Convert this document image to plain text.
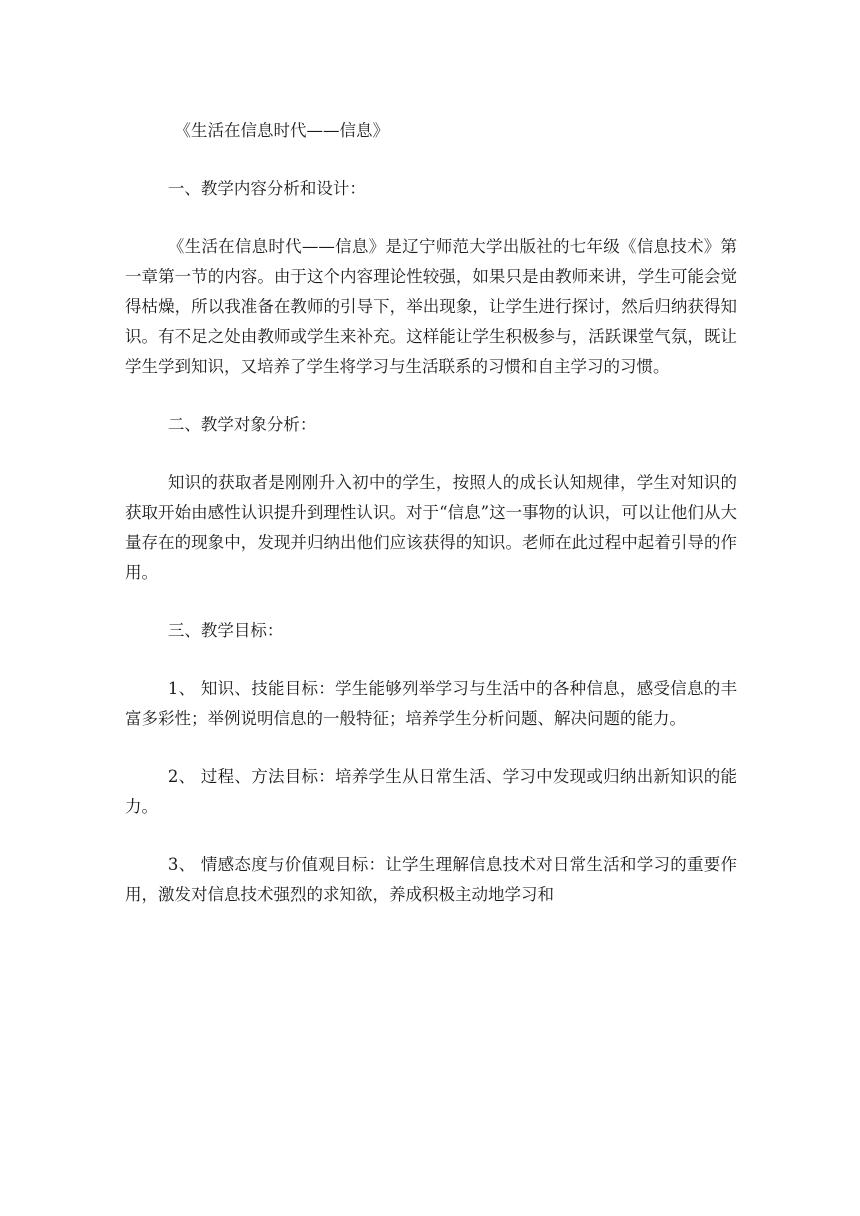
《生活在信息时代——信息》

一、教学内容分析和设计：

《生活在信息时代——信息》是辽宁师范大学出版社的七年级《信息技术》第一章第一节的内容。由于这个内容理论性较强，如果只是由教师来讲，学生可能会觉得枯燥，所以我准备在教师的引导下，举出现象，让学生进行探讨，然后归纳获得知识。有不足之处由教师或学生来补充。这样能让学生积极参与，活跃课堂气氛，既让学生学到知识，又培养了学生将学习与生活联系的习惯和自主学习的习惯。

二、教学对象分析：

知识的获取者是刚刚升入初中的学生，按照人的成长认知规律，学生对知识的获取开始由感性认识提升到理性认识。对于“信息”这一事物的认识，可以让他们从大量存在的现象中，发现并归纳出他们应该获得的知识。老师在此过程中起着引导的作用。

三、教学目标：

1、 知识、技能目标：学生能够列举学习与生活中的各种信息，感受信息的丰富多彩性；举例说明信息的一般特征；培养学生分析问题、解决问题的能力。

2、 过程、方法目标：培养学生从日常生活、学习中发现或归纳出新知识的能力。

3、 情感态度与价值观目标：让学生理解信息技术对日常生活和学习的重要作用，激发对信息技术强烈的求知欲，养成积极主动地学习和
